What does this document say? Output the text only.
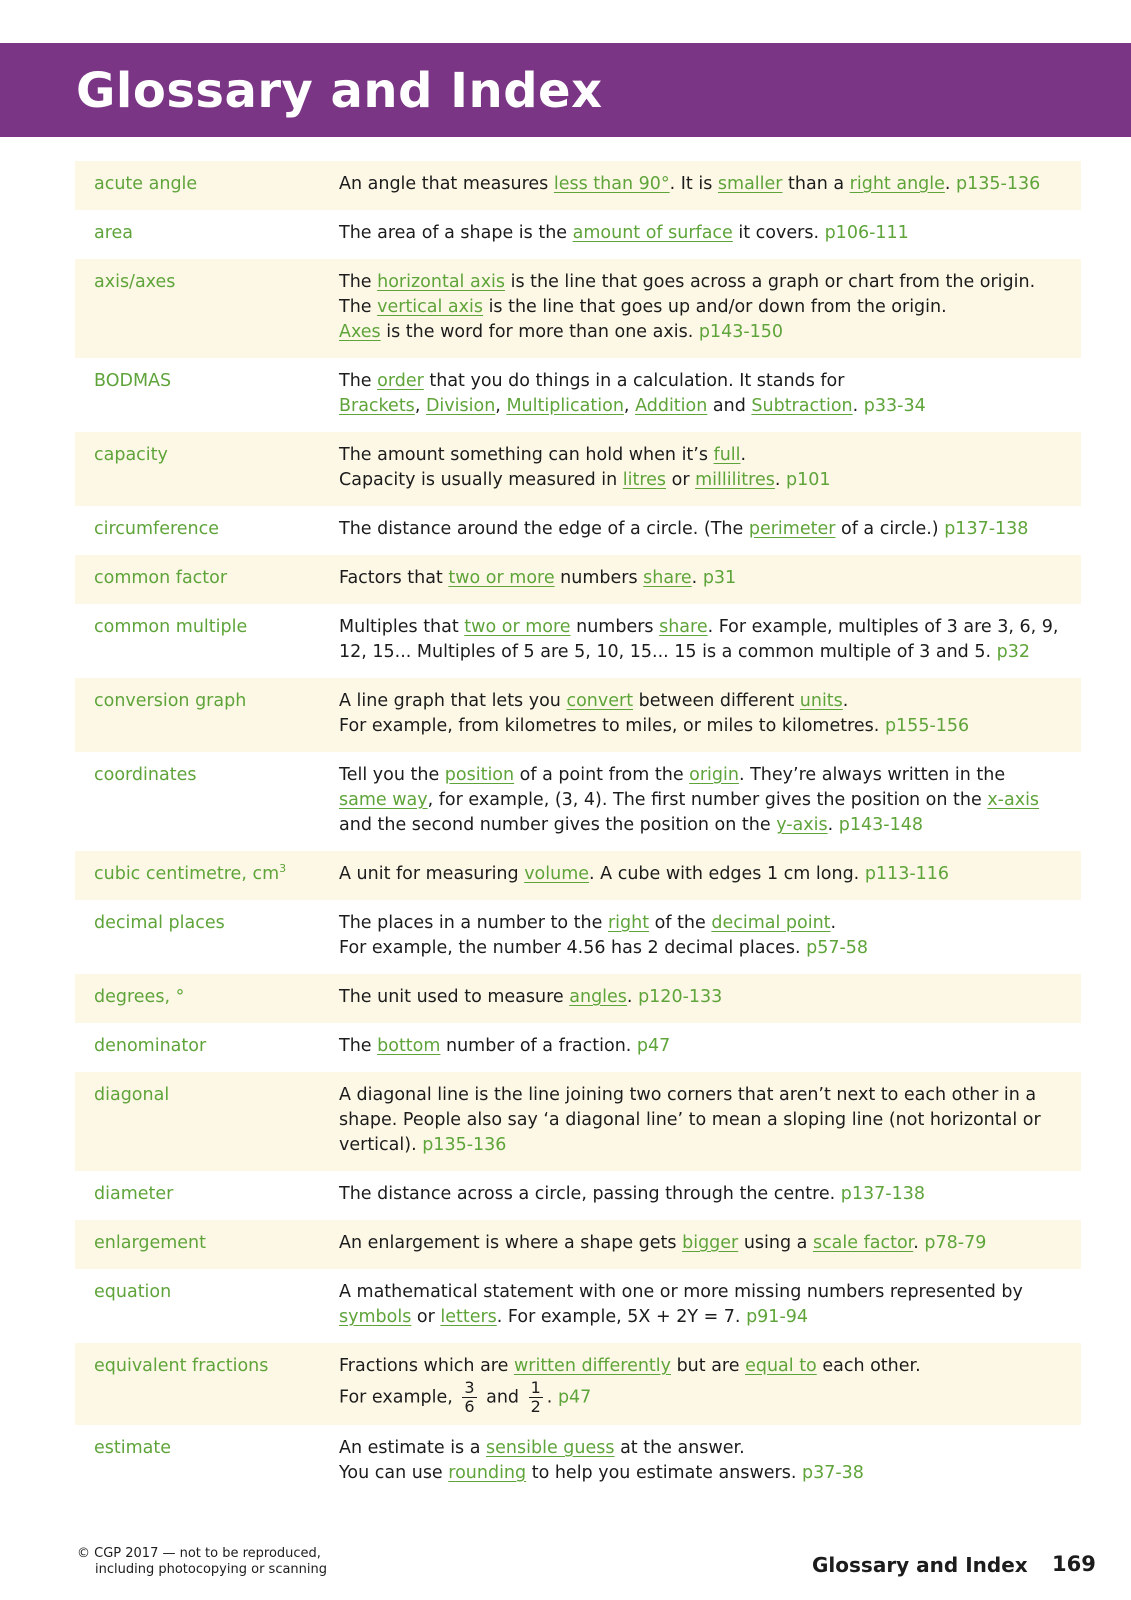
Glossary and Index
acute angle	An angle that measures less than 90°. It is smaller than a right angle. p135-136
area	The area of a shape is the amount of surface it covers. p106-111
axis/axes	The horizontal axis is the line that goes across a graph or chart from the origin.
The vertical axis is the line that goes up and/or down from the origin.
Axes is the word for more than one axis. p143-150
BODMAS	The order that you do things in a calculation. It stands for
Brackets, Division, Multiplication, Addition and Subtraction. p33-34
capacity	The amount something can hold when it’s full.
Capacity is usually measured in litres or millilitres. p101
circumference	The distance around the edge of a circle. (The perimeter of a circle.) p137-138
common factor	Factors that two or more numbers share. p31
common multiple	Multiples that two or more numbers share. For example, multiples of 3 are 3, 6, 9,
12, 15... Multiples of 5 are 5, 10, 15... 15 is a common multiple of 3 and 5. p32
conversion graph	A line graph that lets you convert between different units.
For example, from kilometres to miles, or miles to kilometres. p155-156
coordinates	Tell you the position of a point from the origin. They’re always written in the
same way, for example, (3, 4). The first number gives the position on the x-axis
and the second number gives the position on the y-axis. p143-148
cubic centimetre, $cm^3$	A unit for measuring volume. A cube with edges 1 cm long. p113-116
decimal places	The places in a number to the right of the decimal point.
For example, the number 4.56 has 2 decimal places. p57-58
degrees, °	The unit used to measure angles. p120-133
denominator	The bottom number of a fraction. p47
diagonal	A diagonal line is the line joining two corners that aren’t next to each other in a
shape. People also say ‘a diagonal line’ to mean a sloping line (not horizontal or
vertical). p135-136
diameter	The distance across a circle, passing through the centre. p137-138
enlargement	An enlargement is where a shape gets bigger using a scale factor. p78-79
equation	A mathematical statement with one or more missing numbers represented by
symbols or letters. For example, 5X + 2Y = 7. p91-94
equivalent fractions	Fractions which are written differently but are equal to each other.
For example, $\frac{3}{6}$ and $\frac{1}{2}$ . p47
estimate	An estimate is a sensible guess at the answer.
You can use rounding to help you estimate answers. p37-38
© CGP 2017 — not to be reproduced,
including photocopying or scanning	Glossary and Index 169
